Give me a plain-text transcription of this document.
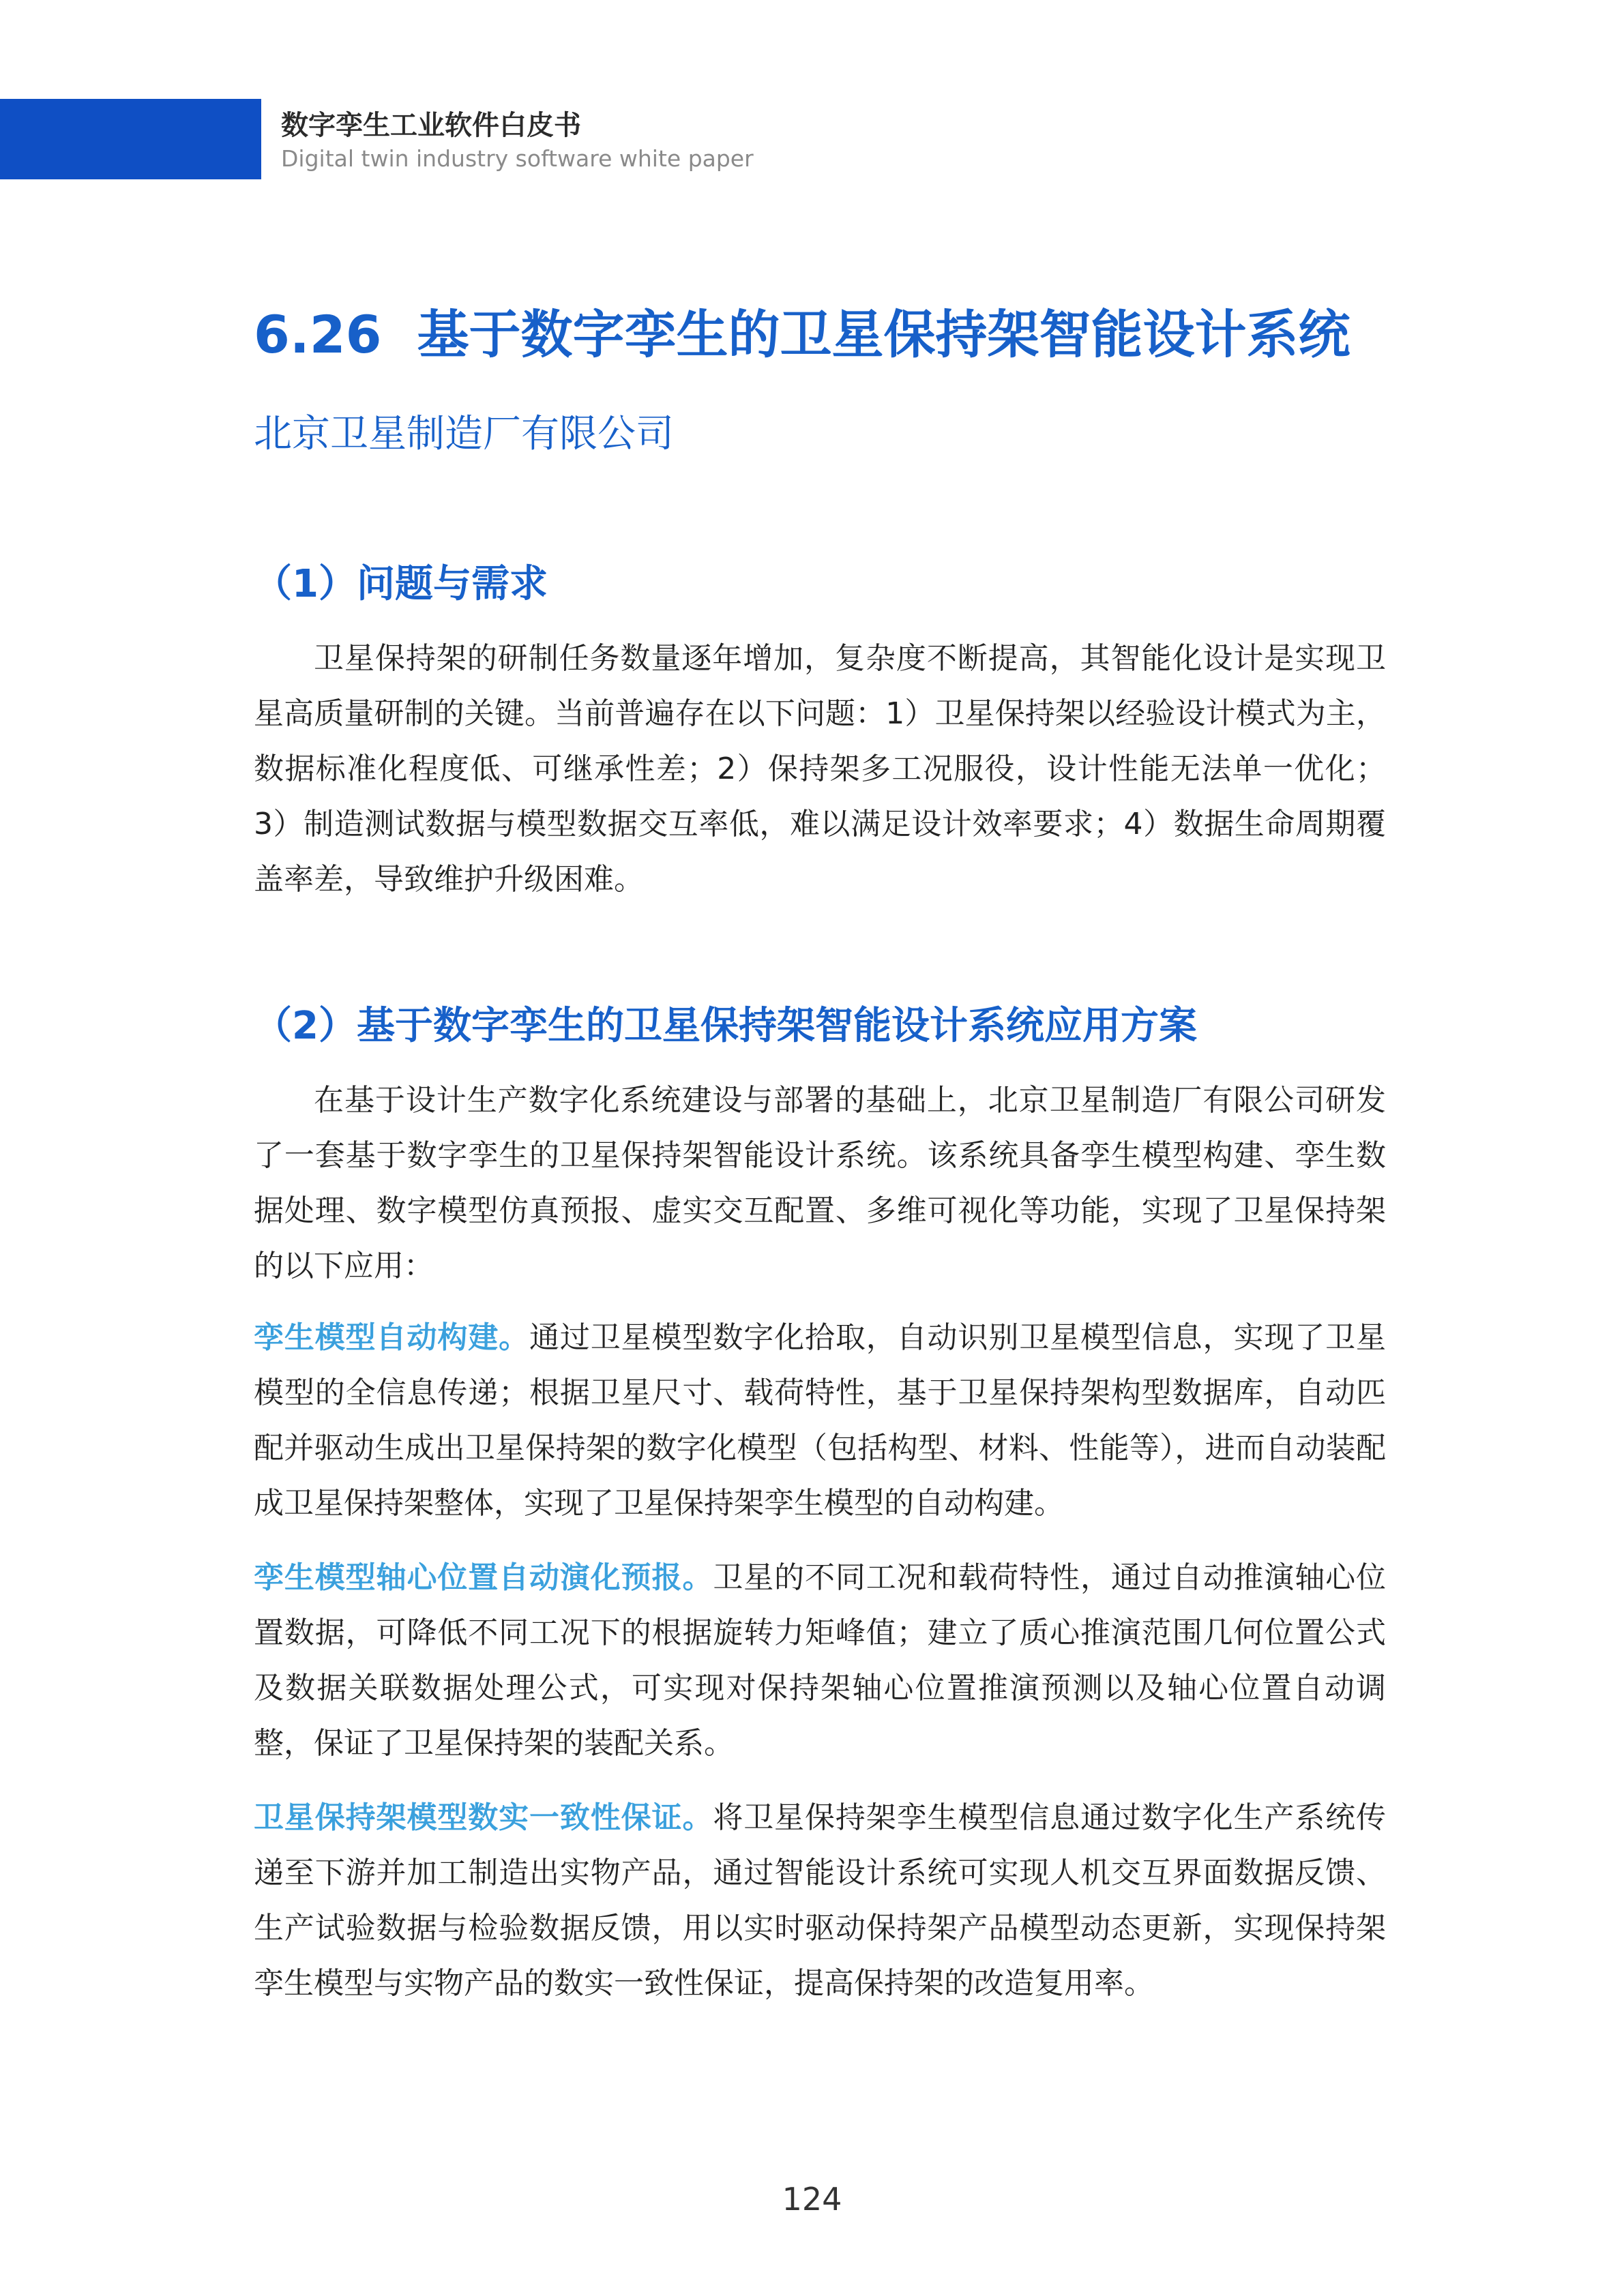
数字孪生工业软件白皮书
Digital twin industry software white paper
6.26 基于数字孪生的卫星保持架智能设计系统
北京卫星制造厂有限公司
（1）问题与需求
卫星保持架的研制任务数量逐年增加，复杂度不断提高，其智能化设计是实现卫星高质量研制的关键。当前普遍存在以下问题：1）卫星保持架以经验设计模式为主，数据标准化程度低、可继承性差；2）保持架多工况服役，设计性能无法单一优化；3）制造测试数据与模型数据交互率低，难以满足设计效率要求；4）数据生命周期覆盖率差，导致维护升级困难。
（2）基于数字孪生的卫星保持架智能设计系统应用方案
在基于设计生产数字化系统建设与部署的基础上，北京卫星制造厂有限公司研发了一套基于数字孪生的卫星保持架智能设计系统。该系统具备孪生模型构建、孪生数据处理、数字模型仿真预报、虚实交互配置、多维可视化等功能，实现了卫星保持架的以下应用：
孪生模型自动构建。通过卫星模型数字化拾取，自动识别卫星模型信息，实现了卫星模型的全信息传递；根据卫星尺寸、载荷特性，基于卫星保持架构型数据库，自动匹配并驱动生成出卫星保持架的数字化模型（包括构型、材料、性能等），进而自动装配成卫星保持架整体，实现了卫星保持架孪生模型的自动构建。
孪生模型轴心位置自动演化预报。卫星的不同工况和载荷特性，通过自动推演轴心位置数据，可降低不同工况下的根据旋转力矩峰值；建立了质心推演范围几何位置公式及数据关联数据处理公式，可实现对保持架轴心位置推演预测以及轴心位置自动调整，保证了卫星保持架的装配关系。
卫星保持架模型数实一致性保证。将卫星保持架孪生模型信息通过数字化生产系统传递至下游并加工制造出实物产品，通过智能设计系统可实现人机交互界面数据反馈、生产试验数据与检验数据反馈，用以实时驱动保持架产品模型动态更新，实现保持架孪生模型与实物产品的数实一致性保证，提高保持架的改造复用率。
124
